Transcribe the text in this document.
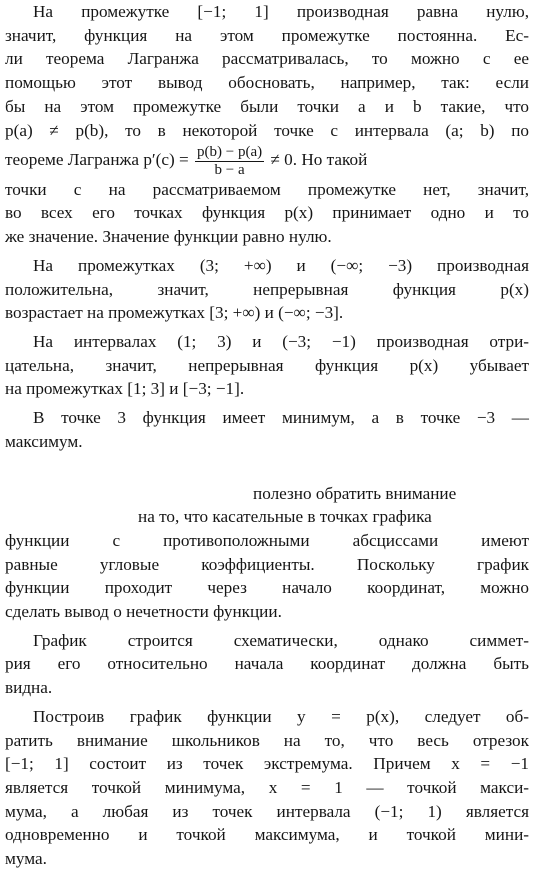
На промежутке [−1; 1] производная равна нулю,
значит, функция на этом промежутке постоянна. Ес-
ли теорема Лагранжа рассматривалась, то можно с ее
помощью этот вывод обосновать, например, так: если
бы на этом промежутке были точки a и b такие, что
p(a) ≠ p(b), то в некоторой точке c интервала (a; b) по
теореме Лагранжа $p'(c) = \frac{p(b) - p(a)}{b - a} \ne 0$. Но такой
точки c на рассматриваемом промежутке нет, значит,
во всех его точках функция p(x) принимает одно и то
же значение. Значение функции равно нулю.

На промежутках (3; +∞) и (−∞; −3) производная
положительна, значит, непрерывная функция p(x)
возрастает на промежутках [3; +∞) и (−∞; −3].

На интервалах (1; 3) и (−3; −1) производная отри-
цательна, значит, непрерывная функция p(x) убывает
на промежутках [1; 3] и [−3; −1].

В точке 3 функция имеет минимум, а в точке −3 —
максимум.

полезно обратить внимание
на то, что касательные в точках графика
функции с противоположными абсциссами имеют
равные угловые коэффициенты. Поскольку график
функции проходит через начало координат, можно
сделать вывод о нечетности функции.

График строится схематически, однако симмет-
рия его относительно начала координат должна быть
видна.

Построив график функции y = p(x), следует об-
ратить внимание школьников на то, что весь отрезок
[−1; 1] состоит из точек экстремума. Причем x = −1
является точкой минимума, x = 1 — точкой макси-
мума, а любая из точек интервала (−1; 1) является
одновременно и точкой максимума, и точкой мини-
мума.
